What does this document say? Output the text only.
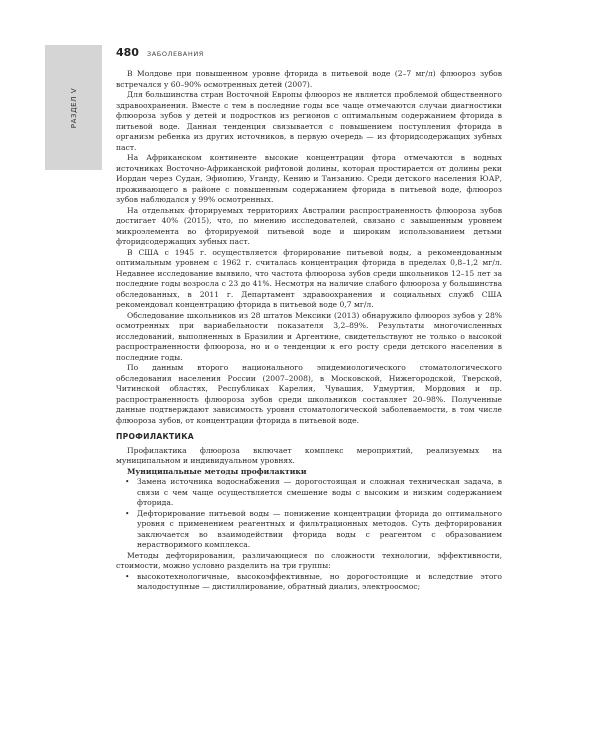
РАЗДЕЛ V
480 ЗАБОЛЕВАНИЯ

В Молдове при повышенном уровне фторида в питьевой воде (2–7 мг/л) флюороз зубов встречался у 60–90% осмотренных детей (2007).

Для большинства стран Восточной Европы флюороз не является проблемой общественного здравоохранения. Вместе с тем в последние годы все чаще отмечаются случаи диагностики флюороза зубов у детей и подростков из регионов с оптимальным содержанием фторида в питьевой воде. Данная тенденция связывается с повышением поступления фторида в организм ребенка из других источников, в первую очередь — из фторидсодержащих зубных паст.

На Африканском континенте высокие концентрации фтора отмечаются в водных источниках Восточно-Африканской рифтовой долины, которая простирается от долины реки Иордан через Судан, Эфиопию, Уганду, Кению и Танзанию. Среди детского населения ЮАР, проживающего в районе с повышенным содержанием фторида в питьевой воде, флюороз зубов наблюдался у 99% осмотренных.

На отдельных фторируемых территориях Австралии распространенность флюороза зубов достигает 40% (2015), что, по мнению исследователей, связано с завышенным уровнем микроэлемента во фторируемой питьевой воде и широким использованием детьми фторидсодержащих зубных паст.

В США с 1945 г. осуществляется фторирование питьевой воды, а рекомендованным оптимальным уровнем с 1962 г. считалась концентрация фторида в пределах 0,8–1,2 мг/л. Недавнее исследование выявило, что частота флюороза зубов среди школьников 12–15 лет за последние годы возросла с 23 до 41%. Несмотря на наличие слабого флюороза у большинства обследованных, в 2011 г. Департамент здравоохранения и социальных служб США рекомендовал концентрацию фторида в питьевой воде 0,7 мг/л.

Обследование школьников из 28 штатов Мексики (2013) обнаружило флюороз зубов у 28% осмотренных при вариабельности показателя 3,2–89%. Результаты многочисленных исследований, выполненных в Бразилии и Аргентине, свидетельствуют не только о высокой распространенности флюороза, но и о тенденции к его росту среди детского населения в последние годы.

По данным второго национального эпидемиологического стоматологического обследования населения России (2007–2008), в Московской, Нижегородской, Тверской, Читинской областях, Республиках Карелия, Чувашия, Удмуртия, Мордовия и пр. распространенность флюороза зубов среди школьников составляет 20–98%. Полученные данные подтверждают зависимость уровня стоматологической заболеваемости, в том числе флюороза зубов, от концентрации фторида в питьевой воде.

ПРОФИЛАКТИКА

Профилактика флюороза включает комплекс мероприятий, реализуемых на муниципальном и индивидуальном уровнях.

Муниципальные методы профилактики

• Замена источника водоснабжения — дорогостоящая и сложная техническая задача, в связи с чем чаще осуществляется смешение воды с высоким и низким содержанием фторида.
• Дефторирование питьевой воды — понижение концентрации фторида до оптимального уровня с применением реагентных и фильтрационных методов. Суть дефторирования заключается во взаимодействии фторида воды с реагентом с образованием нерастворимого комплекса.

Методы дефторирования, различающиеся по сложности технологии, эффективности, стоимости, можно условно разделить на три группы:

• высокотехнологичные, высокоэффективные, но дорогостоящие и вследствие этого малодоступные — дистиллирование, обратный диализ, электроосмос;
